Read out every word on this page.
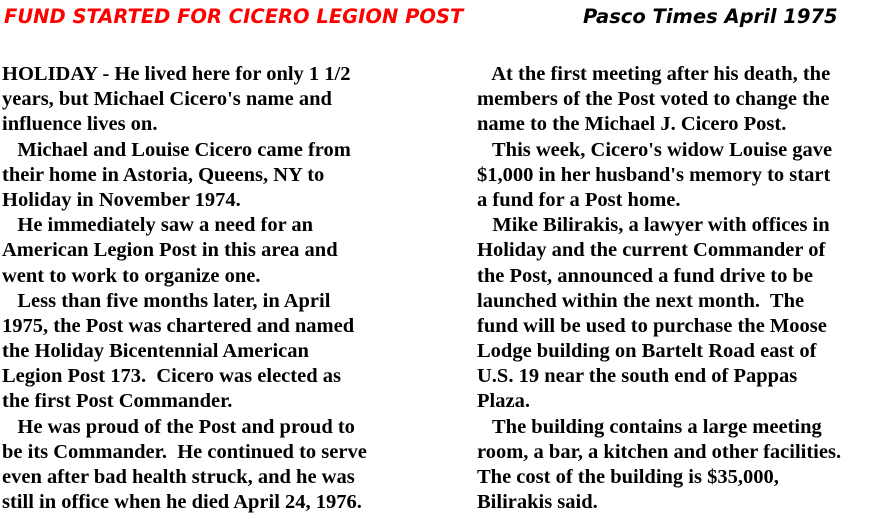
FUND STARTED FOR CICERO LEGION POST	Pasco Times April 1975
HOLIDAY - He lived here for only 1 1/2
years, but Michael Cicero's name and
influence lives on.
Michael and Louise Cicero came from
their home in Astoria, Queens, NY to
Holiday in November 1974.
He immediately saw a need for an
American Legion Post in this area and
went to work to organize one.
Less than five months later, in April
1975, the Post was chartered and named
the Holiday Bicentennial American
Legion Post 173.  Cicero was elected as
the first Post Commander.
He was proud of the Post and proud to
be its Commander.  He continued to serve
even after bad health struck, and he was
still in office when he died April 24, 1976.
At the first meeting after his death, the
members of the Post voted to change the
name to the Michael J. Cicero Post.
This week, Cicero's widow Louise gave
$1,000 in her husband's memory to start
a fund for a Post home.
Mike Bilirakis, a lawyer with offices in
Holiday and the current Commander of
the Post, announced a fund drive to be
launched within the next month.  The
fund will be used to purchase the Moose
Lodge building on Bartelt Road east of
U.S. 19 near the south end of Pappas
Plaza.
The building contains a large meeting
room, a bar, a kitchen and other facilities.
The cost of the building is $35,000,
Bilirakis said.
